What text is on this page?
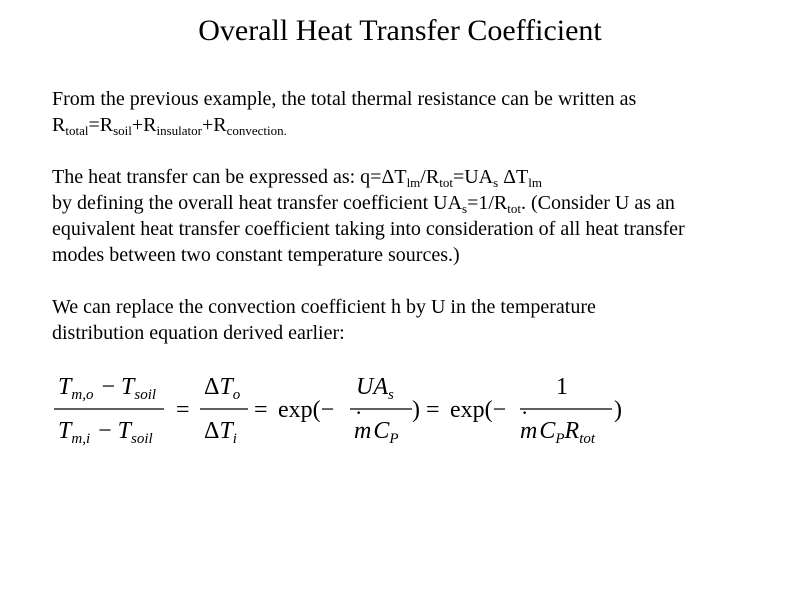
Overall Heat Transfer Coefficient
From the previous example, the total thermal resistance can be written as
$R_{total}=R_{soil}+R_{insulator}+R_{convection.}$
The heat transfer can be expressed as: $q=\Delta T_{lm}/R_{tot}=UA_s$ $\Delta T_{lm}$
by defining the overall heat transfer coefficient $UA_s=1/R_{tot}$. (Consider U as an
equivalent heat transfer coefficient taking into consideration of all heat transfer
modes between two constant temperature sources.)
We can replace the convection coefficient h by U in the temperature
distribution equation derived earlier:
$T_{m,o} - T_{soil}$
$T_{m,i} - T_{soil}$
=
$\Delta T_o$
$\Delta T_i$
= exp(−
$UA_s$
$mC_P$
· ) = exp(−
1
$mC_PR_{tot}$
·	)
